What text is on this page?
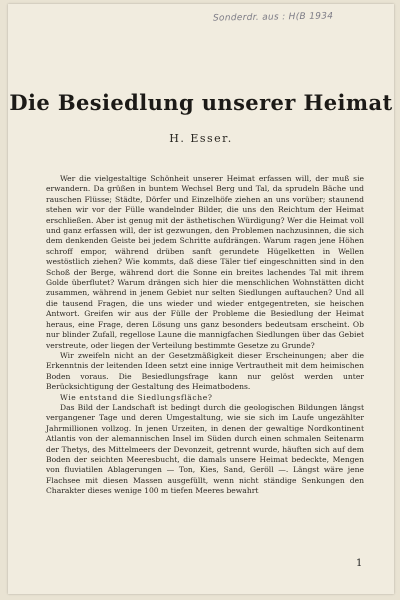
Sonderdr. aus : H(B 1934
Die Besiedlung unserer Heimat
H. Esser.

Wer die vielgestaltige Schönheit unserer Heimat erfassen will, der muß sie erwandern. Da grüßen in buntem Wechsel Berg und Tal, da sprudeln Bäche und rauschen Flüsse; Städte, Dörfer und Einzelhöfe ziehen an uns vorüber; staunend stehen wir vor der Fülle wandelnder Bilder, die uns den Reichtum der Heimat erschließen. Aber ist genug mit der ästhetischen Würdigung? Wer die Heimat voll und ganz erfassen will, der ist gezwungen, den Problemen nachzusinnen, die sich dem denkenden Geiste bei jedem Schritte aufdrängen. Warum ragen jene Höhen schroff empor, während drüben sanft gerundete Hügelketten in Wellen westöstlich ziehen? Wie kommts, daß diese Täler tief eingeschnitten sind in den Schoß der Berge, während dort die Sonne ein breites lachendes Tal mit ihrem Golde überflutet? Warum drängen sich hier die menschlichen Wohnstätten dicht zusammen, während in jenem Gebiet nur selten Siedlungen auftauchen? Und all die tausend Fragen, die uns wieder und wieder entgegentreten, sie heischen Antwort. Greifen wir aus der Fülle der Probleme die Besiedlung der Heimat heraus, eine Frage, deren Lösung uns ganz besonders bedeutsam erscheint. Ob nur blinder Zufall, regellose Laune die mannigfachen Siedlungen über das Gebiet verstreute, oder liegen der Verteilung bestimmte Gesetze zu Grunde?

Wir zweifeln nicht an der Gesetzmäßigkeit dieser Erscheinungen; aber die Erkenntnis der leitenden Ideen setzt eine innige Vertrautheit mit dem heimischen Boden voraus. Die Besiedlungsfrage kann nur gelöst werden unter Berücksichtigung der Gestaltung des Heimatbodens.

Wie entstand die Siedlungsfläche?

Das Bild der Landschaft ist bedingt durch die geologischen Bildungen längst vergangener Tage und deren Umgestaltung, wie sie sich im Laufe ungezählter Jahrmillionen vollzog. In jenen Urzeiten, in denen der gewaltige Nordkontinent Atlantis von der alemannischen Insel im Süden durch einen schmalen Seitenarm der Thetys, des Mittelmeers der Devonzeit, getrennt wurde, häuften sich auf dem Boden der seichten Meeresbucht, die damals unsere Heimat bedeckte, Mengen von fluviatilen Ablagerungen — Ton, Kies, Sand, Geröll —. Längst wäre jene Flachsee mit diesen Massen ausgefüllt, wenn nicht ständige Senkungen den Charakter dieses wenige 100 m tiefen Meeres bewahrt

1
